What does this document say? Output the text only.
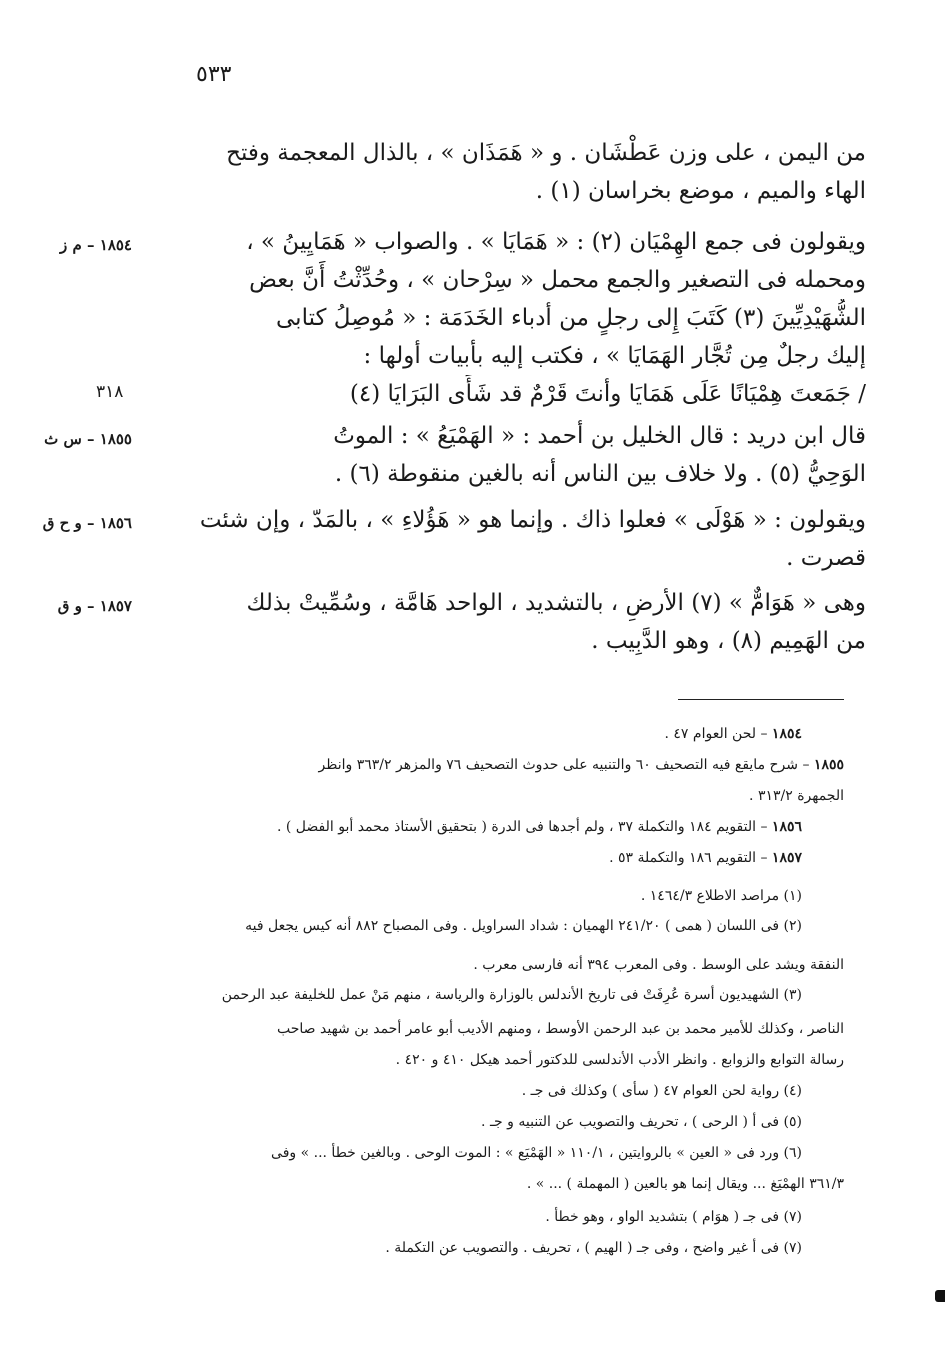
٥٣٣
من اليمن ، على وزن عَطْشَان . و « هَمَذَان » ، بالذال المعجمة وفتح
الهاء والميم ، موضع بخراسان (١) .
ويقولون فى جمع الهِمْيَان (٢) : « هَمَايَا » . والصواب « هَمَايِينُ » ،
ومحمله فى التصغير والجمع محمل « سِرْحان » ، وحُدِّثْتُ أَنَّ بعض
الشُّهَيْدِيِّينَ (٣) كَتَبَ إِلى رجلٍ من أدباء الخَدَمَة : « مُوصِلُ كتابى
إليك رجلٌ مِن تُجَّار الهَمَايَا » ، فكتب إليه بأبيات أولها :
/ جَمَعتَ هِمْيَانًا عَلَى هَمَايَا وأنتَ قَرْمٌ قد شَأَى البَرَايَا (٤)
قال ابن دريد : قال الخليل بن أحمد : « الهَمْيَعُ » : الموتُ
الوَحِيُّ (٥) . ولا خلاف بين الناس أنه بالغين منقوطة (٦) .
ويقولون : « هَوْلَى » فعلوا ذاك . وإنما هو « هَؤُلاءِ » ، بالمَدّ ، وإن شئت
قصرت .
وهى « هَوَامٌّ » (٧) الأرضِ ، بالتشديد ، الواحد هَامَّة ، وسُمِّيتْ بذلك
من الهَمِيم (٨) ، وهو الدَّبِيب .
١٨٥٤ – م ز
١٨٥٥ – س ث
١٨٥٦ – و ح ق
١٨٥٧ – و ق
٣١٨
١٨٥٤ – لحن العوام ٤٧ .
١٨٥٥ – شرح مايقع فيه التصحيف ٦٠ والتنبيه على حدوث التصحيف ٧٦ والمزهر ٣٦٣/٢ وانظر
الجمهرة ٣١٣/٢ .
١٨٥٦ – التقويم ١٨٤ والتكملة ٣٧ ، ولم أجدها فى الدرة ( بتحقيق الأستاذ محمد أبو الفضل ) .
١٨٥٧ – التقويم ١٨٦ والتكملة ٥٣ .
(١) مراصد الاطلاع ١٤٦٤/٣ .
(٢) فى اللسان ( همى ) ٢٤١/٢٠ الهميان : شداد السراويل . وفى المصباح ٨٨٢ أنه كيس يجعل فيه
النفقة ويشد على الوسط . وفى المعرب ٣٩٤ أنه فارسى معرب .
(٣) الشهيديون أسرة عُرِفَتْ فى تاريخ الأندلس بالوزارة والرياسة ، منهم مَنْ عمل للخليفة عبد الرحمن
الناصر ، وكذلك للأمير محمد بن عبد الرحمن الأوسط ، ومنهم الأديب أبو عامر أحمد بن شهيد صاحب
رسالة التوابع والزوابع . وانظر الأدب الأندلسى للدكتور أحمد هيكل ٤١٠ و ٤٢٠ .
(٤) رواية لحن العوام ٤٧ ( سأى ) وكذلك فى جـ .
(٥) فى أ ( الرحى ) ، تحريف والتصويب عن التنبيه و جـ .
(٦) ورد فى « العين » بالروايتين ، ١١٠/١ « الهَمْيَع » : الموت الوحى . وبالغين خطأ ... » وفى
٣٦١/٣ الهمْيَغ ... ويقال إنما هو بالعين ( المهملة ) ... » .
(٧) فى جـ ( هوَام ) بتشديد الواو ، وهو خطأ .
(٧) فى أ غير واضح ، وفى جـ ( الهيم ) ، تحريف . والتصويب عن التكملة .
